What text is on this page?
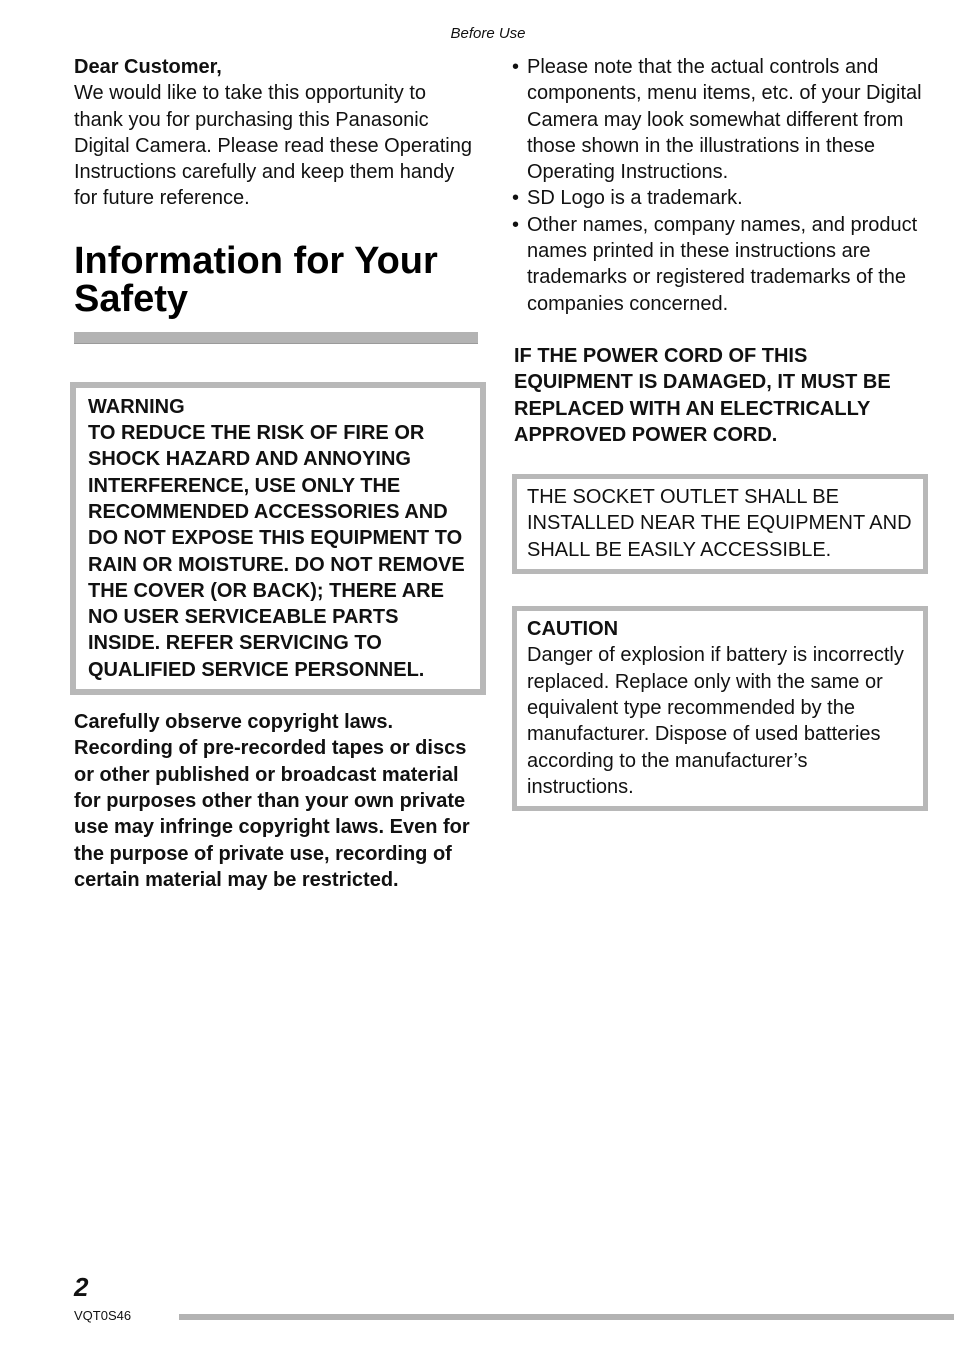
Before Use

Dear Customer,

We would like to take this opportunity to thank you for purchasing this Panasonic Digital Camera. Please read these Operating Instructions carefully and keep them handy for future reference.

Information for Your Safety

WARNING

TO REDUCE THE RISK OF FIRE OR SHOCK HAZARD AND ANNOYING INTERFERENCE, USE ONLY THE RECOMMENDED ACCESSORIES AND DO NOT EXPOSE THIS EQUIPMENT TO RAIN OR MOISTURE. DO NOT REMOVE THE COVER (OR BACK); THERE ARE NO USER SERVICEABLE PARTS INSIDE. REFER SERVICING TO QUALIFIED SERVICE PERSONNEL.

Carefully observe copyright laws. Recording of pre-recorded tapes or discs or other published or broadcast material for purposes other than your own private use may infringe copyright laws. Even for the purpose of private use, recording of certain material may be restricted.

• Please note that the actual controls and components, menu items, etc. of your Digital Camera may look somewhat different from those shown in the illustrations in these Operating Instructions.
• SD Logo is a trademark.
• Other names, company names, and product names printed in these instructions are trademarks or registered trademarks of the companies concerned.

IF THE POWER CORD OF THIS EQUIPMENT IS DAMAGED, IT MUST BE REPLACED WITH AN ELECTRICALLY APPROVED POWER CORD.

THE SOCKET OUTLET SHALL BE INSTALLED NEAR THE EQUIPMENT AND SHALL BE EASILY ACCESSIBLE.

CAUTION

Danger of explosion if battery is incorrectly replaced. Replace only with the same or equivalent type recommended by the manufacturer. Dispose of used batteries according to the manufacturer’s instructions.

2
VQT0S46
